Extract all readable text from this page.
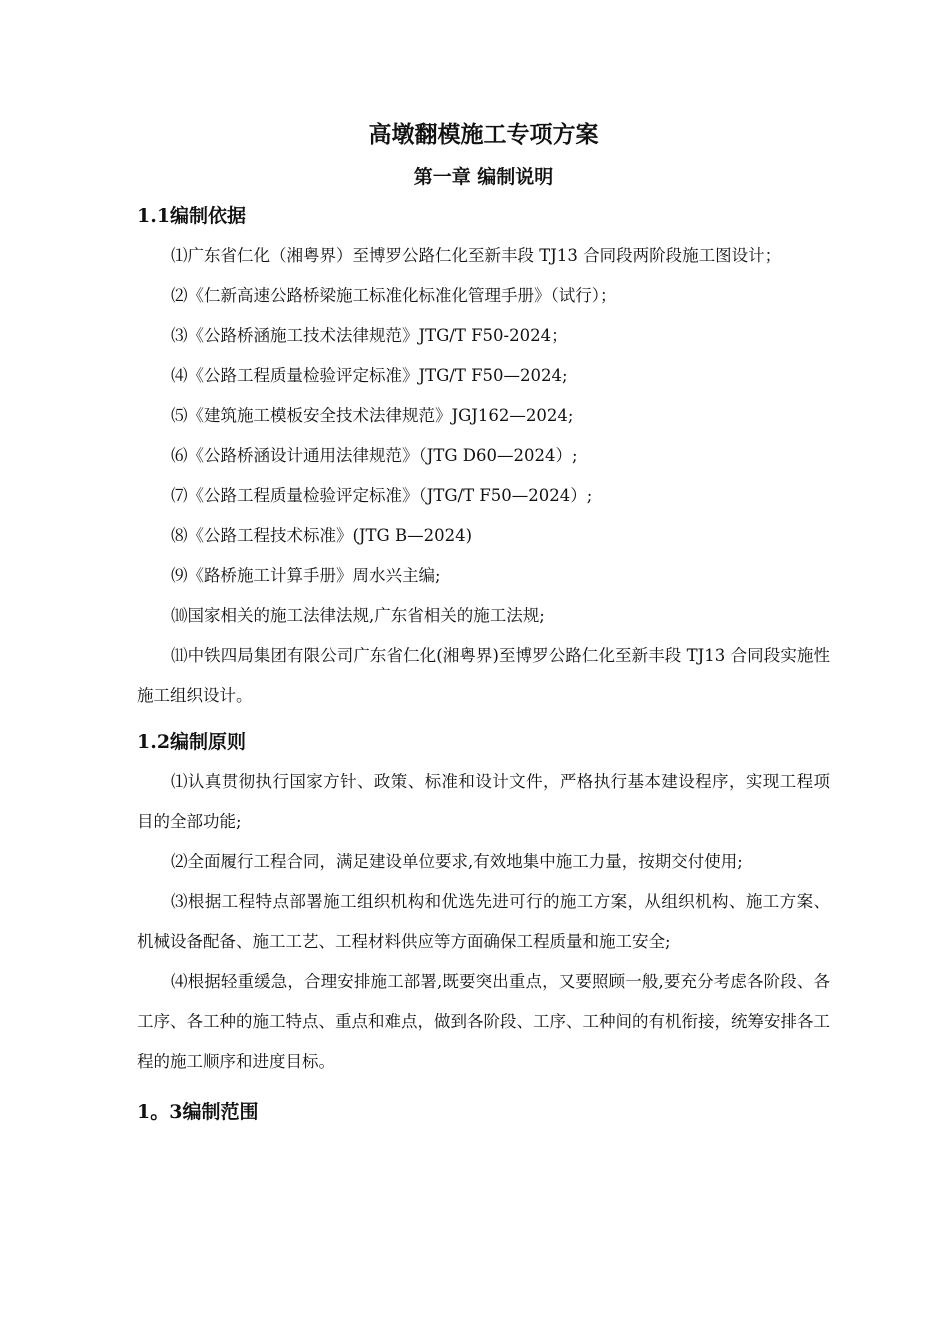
高墩翻模施工专项方案
第一章 编制说明
1.1编制依据

⑴广东省仁化（湘粤界）至博罗公路仁化至新丰段 TJ13 合同段两阶段施工图设计；

⑵《仁新高速公路桥梁施工标准化标准化管理手册》（试行）；

⑶《公路桥涵施工技术法律规范》JTG/T F50-2024；

⑷《公路工程质量检验评定标准》JTG/T F50—2024;

⑸《建筑施工模板安全技术法律规范》JGJ162—2024;

⑹《公路桥涵设计通用法律规范》（JTG D60—2024）;

⑺《公路工程质量检验评定标准》（JTG/T F50—2024）;

⑻《公路工程技术标准》(JTG B—2024)

⑼《路桥施工计算手册》周水兴主编;

⑽国家相关的施工法律法规,广东省相关的施工法规;

⑾中铁四局集团有限公司广东省仁化(湘粤界)至博罗公路仁化至新丰段 TJ13 合同段实施性施工组织设计。

1.2编制原则

⑴认真贯彻执行国家方针、政策、标准和设计文件，严格执行基本建设程序，实现工程项目的全部功能;

⑵全面履行工程合同，满足建设单位要求,有效地集中施工力量，按期交付使用;

⑶根据工程特点部署施工组织机构和优选先进可行的施工方案，从组织机构、施工方案、机械设备配备、施工工艺、工程材料供应等方面确保工程质量和施工安全;

⑷根据轻重缓急，合理安排施工部署,既要突出重点，又要照顾一般,要充分考虑各阶段、各工序、各工种的施工特点、重点和难点，做到各阶段、工序、工种间的有机衔接，统筹安排各工程的施工顺序和进度目标。

1。3编制范围
